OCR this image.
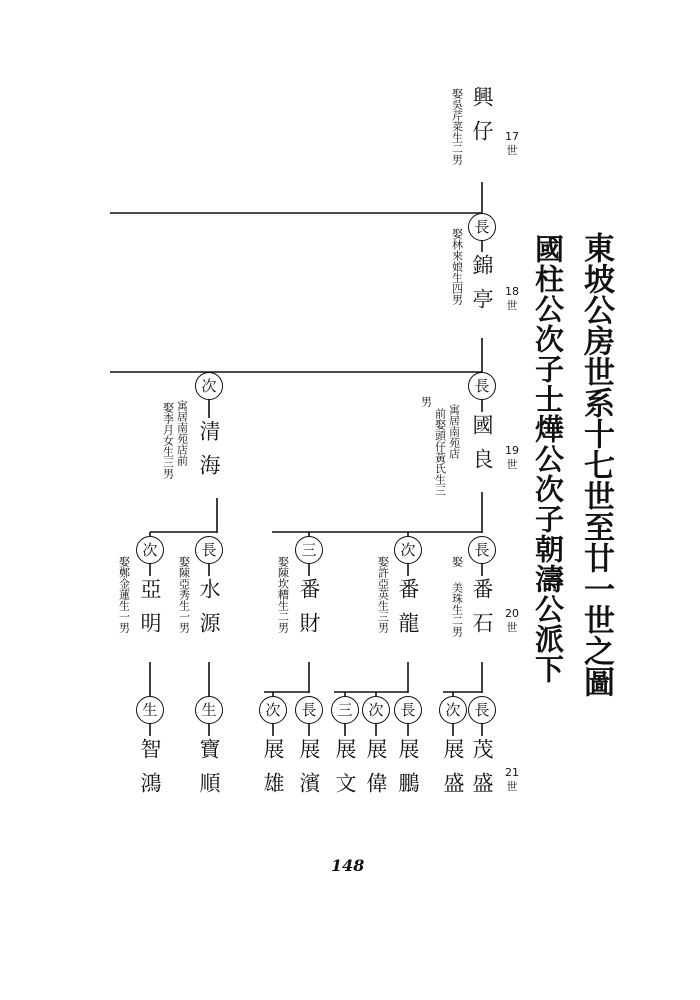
東坡公房世系十七世至廿一世之圖
國柱公次子士燁公次子朝濤公派下
17世
18世
19世
20世
21世
興仔
娶吳芹菜生二男
長
錦亭
娶林來娘生四男
長
國良
寓居南苑店
前娶頭仔黃氏生三
男
次
清海
寓居南苑店前
娶李月女生三男
長
番石
娶
美珠生二男
次
番龍
娶許亞英生三男
三
番財
娶陳坎糟生二男
長
水源
娶陳亞秀生一男
次
亞明
娶鄭金蓮生一男
長
茂盛
次
展盛
長
展鵬
次
展偉
三
展文
長
展濱
次
展雄
生
寶順
生
智鴻
148
